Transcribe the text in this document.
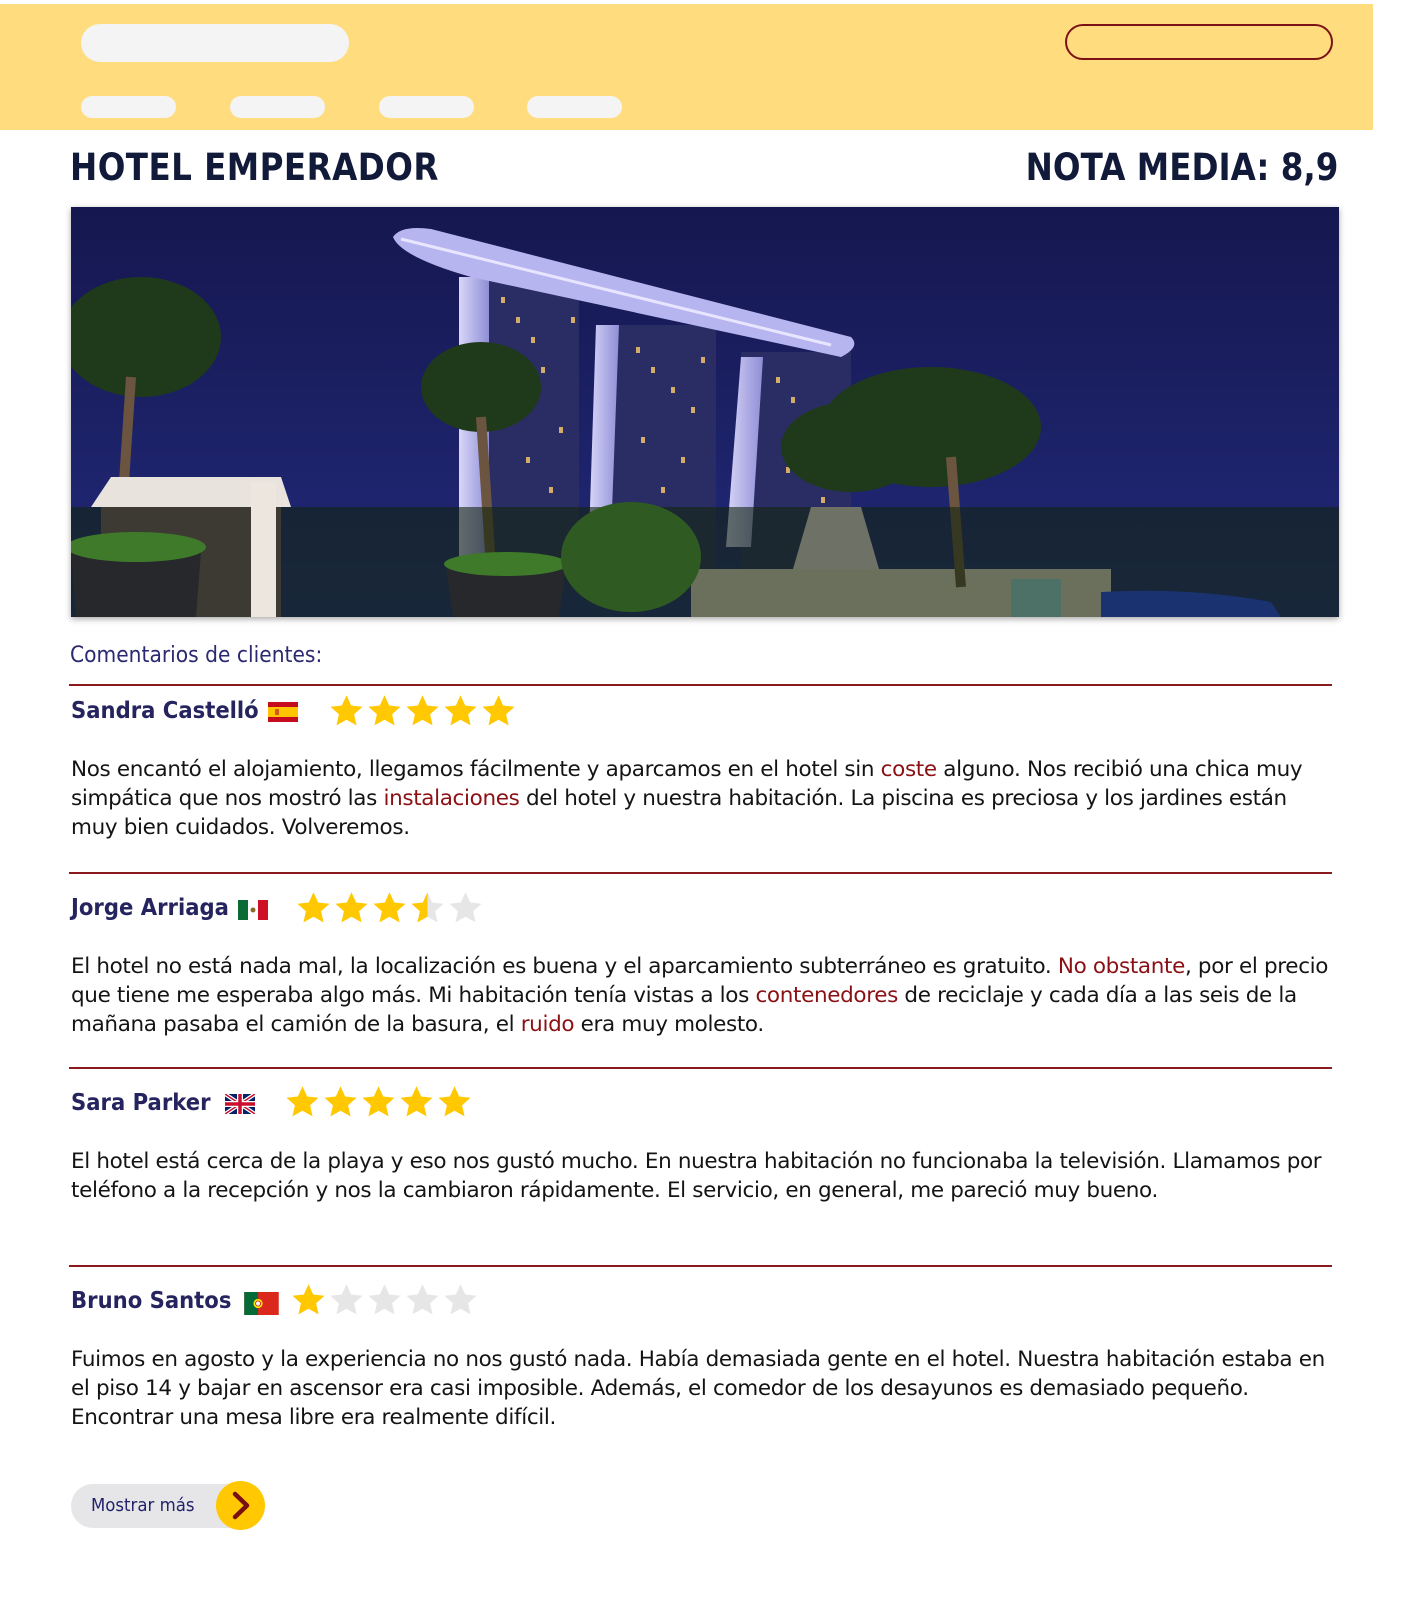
HOTEL EMPERADOR	NOTA MEDIA: 8,9
Comentarios de clientes:
Sandra Castelló
Nos encantó el alojamiento, llegamos fácilmente y aparcamos en el hotel sin coste alguno. Nos recibió una chica muy simpática que nos mostró las instalaciones del hotel y nuestra habitación. La piscina es preciosa y los jardines están muy bien cuidados. Volveremos.
Jorge Arriaga
El hotel no está nada mal, la localización es buena y el aparcamiento subterráneo es gratuito. No obstante, por el precio que tiene me esperaba algo más. Mi habitación tenía vistas a los contenedores de reciclaje y cada día a las seis de la mañana pasaba el camión de la basura, el ruido era muy molesto.
Sara Parker
El hotel está cerca de la playa y eso nos gustó mucho. En nuestra habitación no funcionaba la televisión. Llamamos por teléfono a la recepción y nos la cambiaron rápidamente. El servicio, en general, me pareció muy bueno.
Bruno Santos
Fuimos en agosto y la experiencia no nos gustó nada. Había demasiada gente en el hotel. Nuestra habitación estaba en el piso 14 y bajar en ascensor era casi imposible. Además, el comedor de los desayunos es demasiado pequeño. Encontrar una mesa libre era realmente difícil.
Mostrar más
